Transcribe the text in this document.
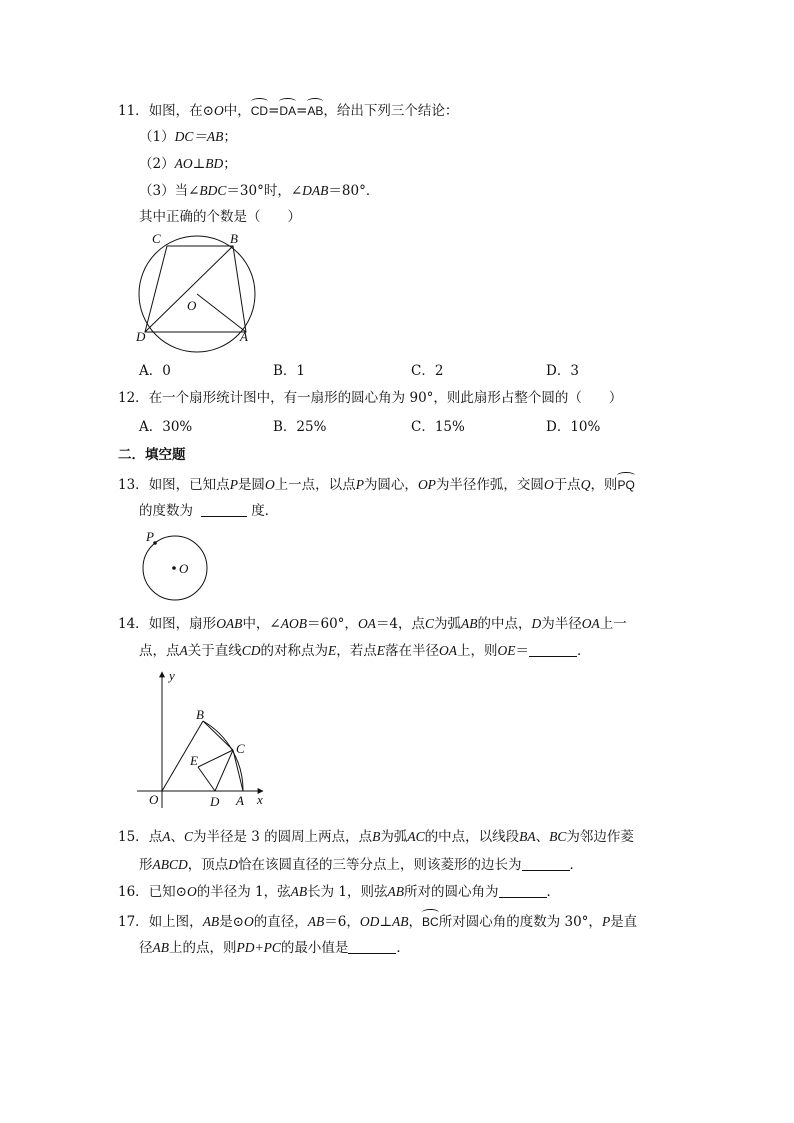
11．如图，在⊙O中，CD=DA=AB，给出下列三个结论：
（1）DC＝AB；
（2）AO⊥BD；
（3）当∠BDC＝30°时，∠DAB＝80°．
其中正确的个数是（　　）
C	B
O
D	A
A．0	B．1	C．2	D．3
12．在一个扇形统计图中，有一扇形的圆心角为 90°，则此扇形占整个圆的（　　）
A．30%	B．25%	C．15%	D．10%
二．填空题
13．如图，已知点P是圆O上一点，以点P为圆心，OP为半径作弧，交圆O于点Q，则PQ
的度数为	度．
P
O
14．如图，扇形OAB中，∠AOB＝60°，OA＝4，点C为弧AB的中点，D为半径OA上一
点，点A关于直线CD的对称点为E，若点E落在半径OA上，则OE＝	．
y
B
C
E
O	D A x
15．点A、C为半径是 3 的圆周上两点，点B为弧AC的中点，以线段BA、BC为邻边作菱
形ABCD，顶点D恰在该圆直径的三等分点上，则该菱形的边长为	．
16．已知⊙O的半径为 1，弦AB长为 1，则弦AB所对的圆心角为	．
17．如上图，AB是⊙O的直径，AB＝6，OD⊥AB，BC所对圆心角的度数为 30°，P是直
径AB上的点，则PD+PC的最小值是	．
